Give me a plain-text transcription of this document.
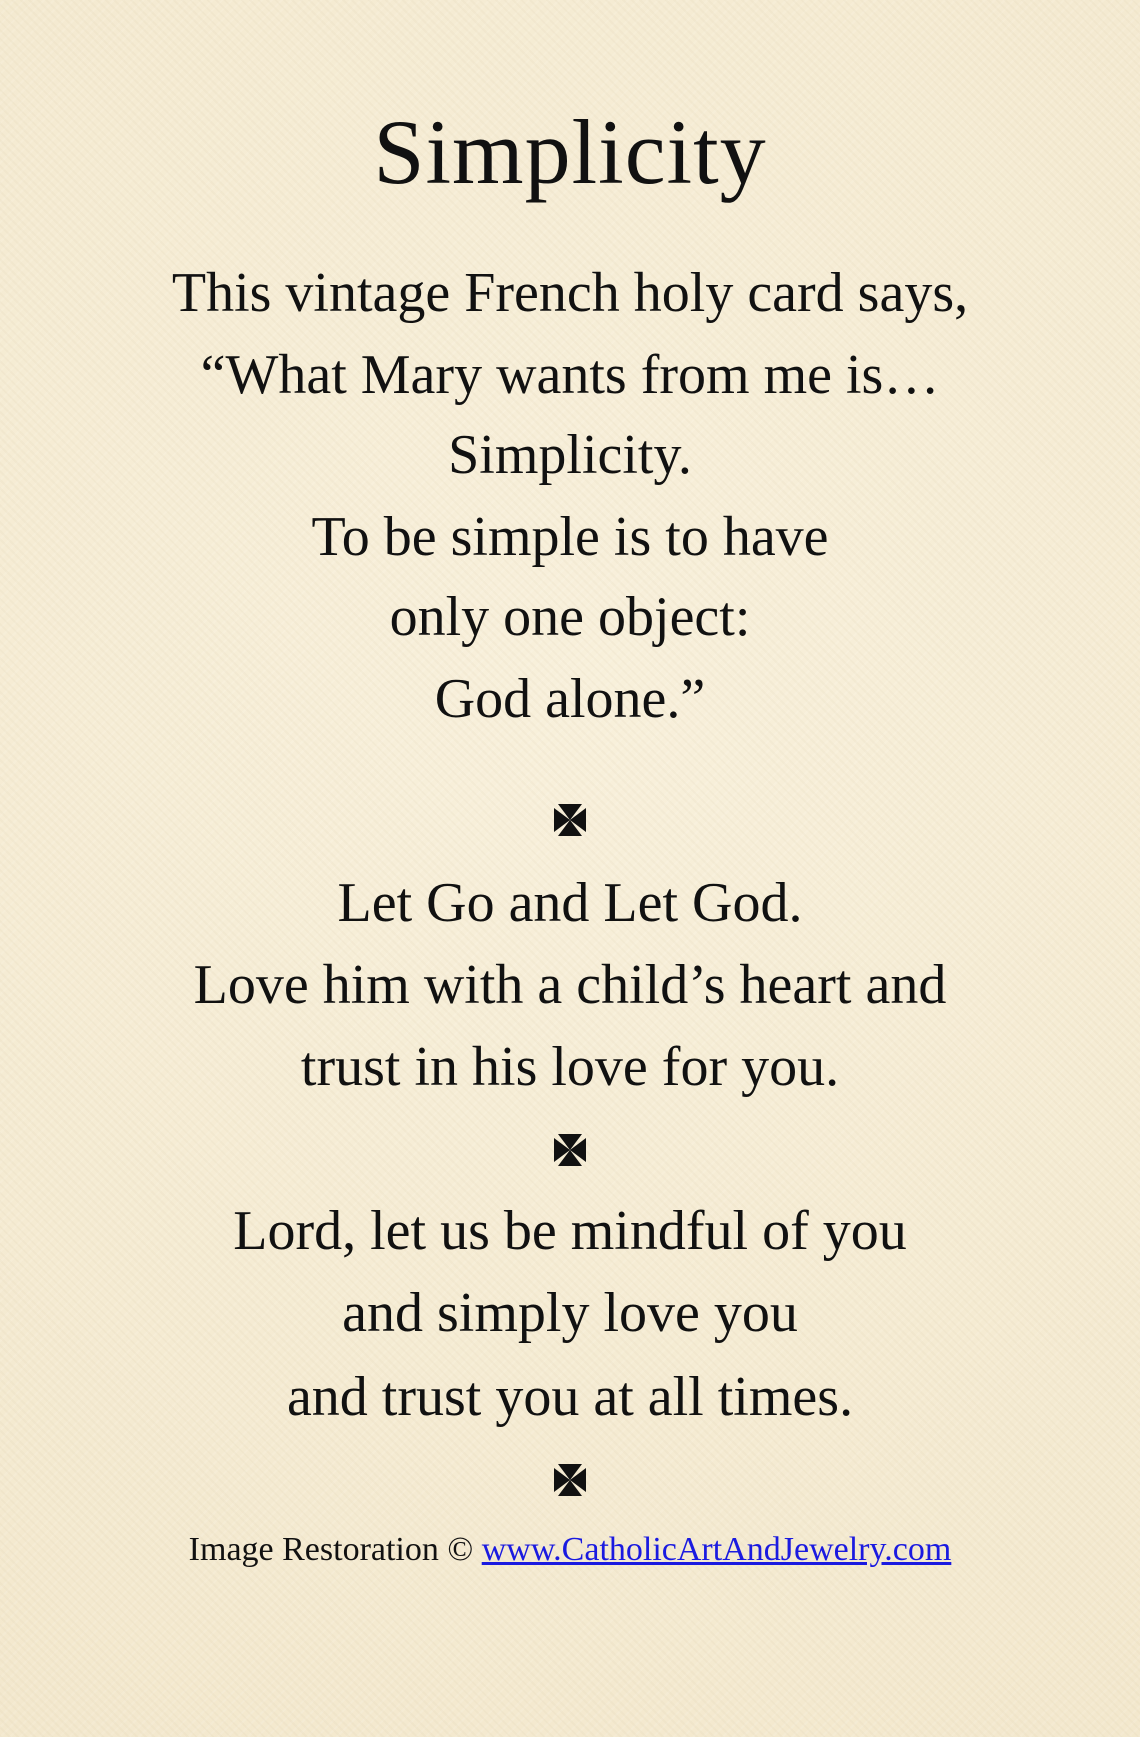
Simplicity
This vintage French holy card says,
“What Mary wants from me is…
Simplicity.
To be simple is to have
only one object:
God alone.”
Let Go and Let God.
Love him with a child’s heart and
trust in his love for you.
Lord, let us be mindful of you
and simply love you
and trust you at all times.
Image Restoration © www.CatholicArtAndJewelry.com
